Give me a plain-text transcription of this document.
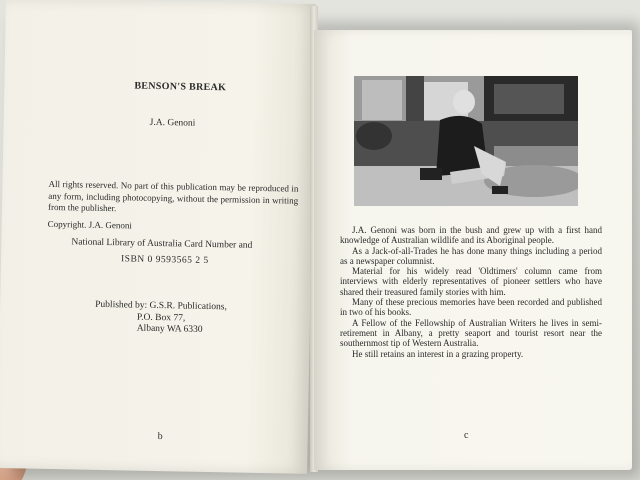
BENSON'S BREAK
J.A. Genoni
All rights reserved. No part of this publication may be reproduced in any form, including photocopying, without the permission in writing from the publisher.
Copyright. J.A. Genoni
National Library of Australia Card Number and
ISBN 0 9593565 2 5
Published by: G.S.R. Publications,
P.O. Box 77,
Albany WA 6330
b

J.A. Genoni was born in the bush and grew up with a first hand knowledge of Australian wildlife and its Aboriginal people.

As a Jack-of-all-Trades he has done many things including a period as a newspaper columnist.

Material for his widely read 'Oldtimers' column came from interviews with elderly representatives of pioneer settlers who have shared their treasured family stories with him.

Many of these precious memories have been recorded and published in two of his books.

A Fellow of the Fellowship of Australian Writers he lives in semi-retirement in Albany, a pretty seaport and tourist resort near the southernmost tip of Western Australia.

He still retains an interest in a grazing property.

c
